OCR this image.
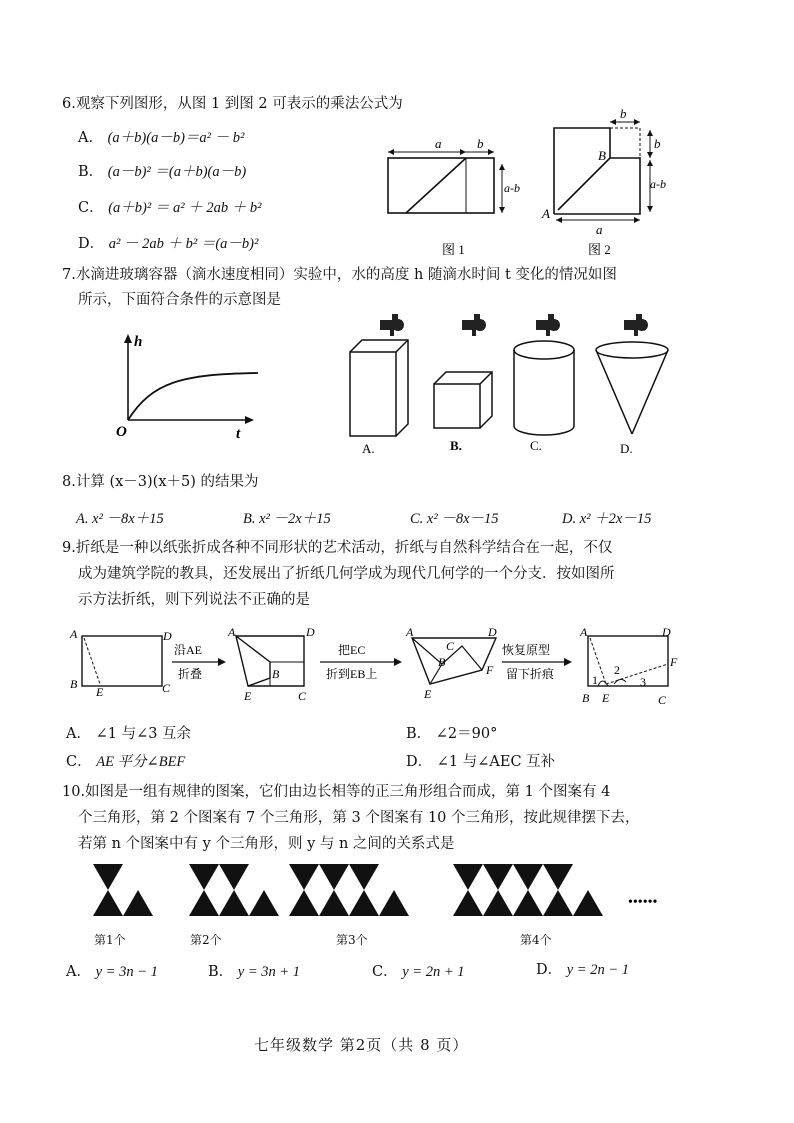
6.观察下列图形，从图 1 到图 2 可表示的乘法公式为
A． (a＋b)(a－b)＝a² － b²
B． (a－b)² ＝(a＋b)(a－b)
C． (a＋b)² ＝ a² ＋ 2ab ＋ b²
D． a² － 2ab ＋ b² ＝(a－b)²
a	b
a-b
图 1
b
b
a-b
a
A
B
图 2
7.水滴进玻璃容器（滴水速度相同）实验中，水的高度 h 随滴水时间 t 变化的情况如图
所示，下面符合条件的示意图是
h
t
O
A.	B.	C.	D.
8.计算 (x－3)(x＋5) 的结果为
A. x² －8x＋15	B. x² －2x＋15	C. x² －8x－15	D. x² ＋2x－15
9.折纸是一种以纸张折成各种不同形状的艺术活动，折纸与自然科学结合在一起，不仅
成为建筑学院的教具，还发展出了折纸几何学成为现代几何学的一个分支．按如图所
示方法折纸，则下列说法不正确的是
A	D
B
E	C
沿AE
折叠
A	D
B
E	C
把EC
折到EB上
A	D
C
B
F
E
恢复原型
留下折痕
A	D
F
1
2
3
B E	C
A． ∠1 与∠3 互余	B． ∠2＝90°
C． AE 平分∠BEF	D． ∠1 与∠AEC 互补
10.如图是一组有规律的图案，它们由边长相等的正三角形组合而成，第 1 个图案有 4
个三角形，第 2 个图案有 7 个三角形，第 3 个图案有 10 个三角形，按此规律摆下去，
若第 n 个图案中有 y 个三角形，则 y 与 n 之间的关系式是
••••••
第1个	第2个	第3个	第4个
A． y = 3n − 1	B． y = 3n + 1	C． y = 2n + 1	D． y = 2n − 1
七年级数学 第2页（共 8 页）
